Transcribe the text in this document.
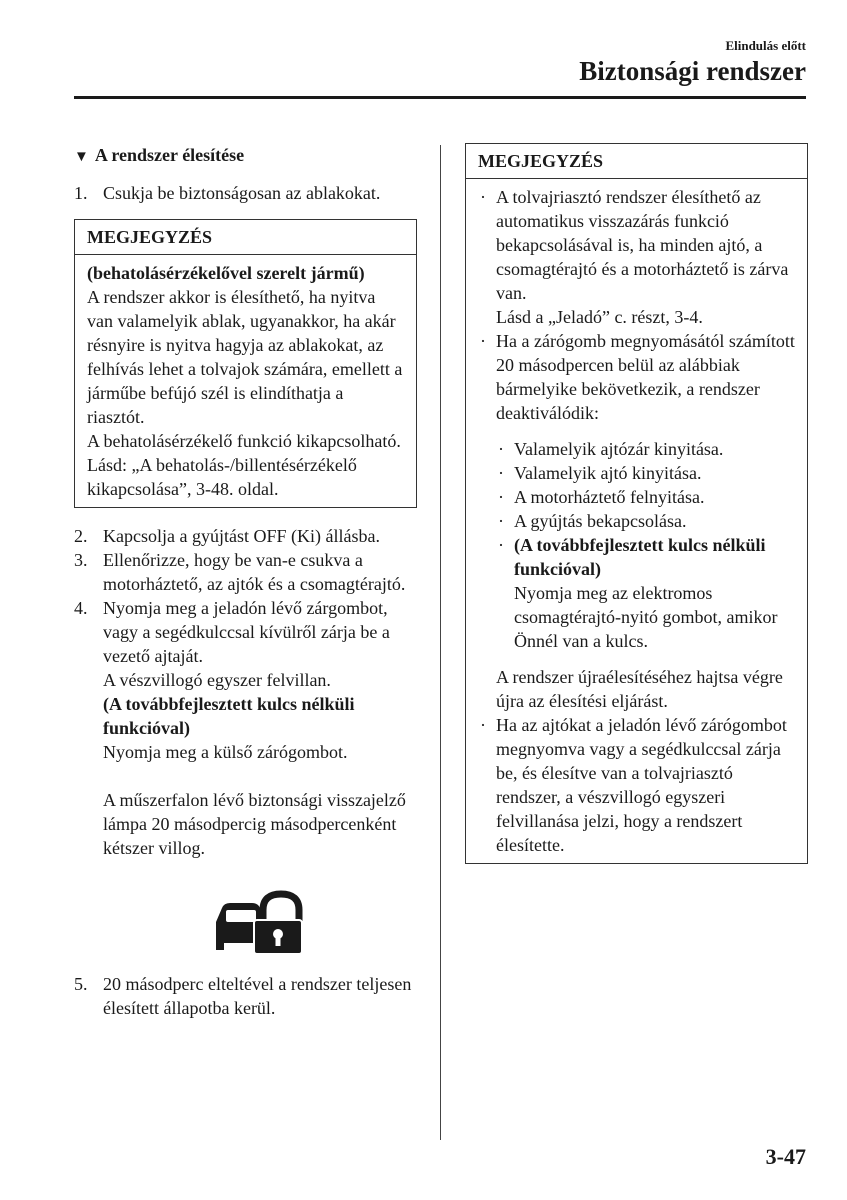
Elindulás előtt
Biztonsági rendszer
▼ A rendszer élesítése
1. Csukja be biztonságosan az ablakokat.
MEGJEGYZÉS
(behatolásérzékelővel szerelt jármű)
A rendszer akkor is élesíthető, ha nyitva van valamelyik ablak, ugyanakkor, ha akár résnyire is nyitva hagyja az ablakokat, az felhívás lehet a tolvajok számára, emellett a járműbe befújó szél is elindíthatja a riasztót.
A behatolásérzékelő funkció kikapcsolható.
Lásd: „A behatolás-/billentésérzékelő kikapcsolása”, 3-48. oldal.
2. Kapcsolja a gyújtást OFF (Ki) állásba.
3. Ellenőrizze, hogy be van-e csukva a motorháztető, az ajtók és a csomagtérajtó.
4. Nyomja meg a jeladón lévő zárgombot, vagy a segédkulccsal kívülről zárja be a vezető ajtaját.
A vészvillogó egyszer felvillan.
(A továbbfejlesztett kulcs nélküli funkcióval)
Nyomja meg a külső zárógombot.
A műszerfalon lévő biztonsági visszajelző lámpa 20 másodpercig másodpercenként kétszer villog.
5. 20 másodperc elteltével a rendszer teljesen élesített állapotba kerül.
MEGJEGYZÉS
· A tolvajriasztó rendszer élesíthető az automatikus visszazárás funkció bekapcsolásával is, ha minden ajtó, a csomagtérajtó és a motorháztető is zárva van.
Lásd a „Jeladó” c. részt, 3-4.
· Ha a zárógomb megnyomásától számított 20 másodpercen belül az alábbiak bármelyike bekövetkezik, a rendszer deaktiválódik:
· Valamelyik ajtózár kinyitása.
· Valamelyik ajtó kinyitása.
· A motorháztető felnyitása.
· A gyújtás bekapcsolása.
· (A továbbfejlesztett kulcs nélküli funkcióval)
Nyomja meg az elektromos csomagtérajtó-nyitó gombot, amikor Önnél van a kulcs.
A rendszer újraélesítéséhez hajtsa végre újra az élesítési eljárást.
· Ha az ajtókat a jeladón lévő zárógombot megnyomva vagy a segédkulccsal zárja be, és élesítve van a tolvajriasztó rendszer, a vészvillogó egyszeri felvillanása jelzi, hogy a rendszert élesítette.
3-47
